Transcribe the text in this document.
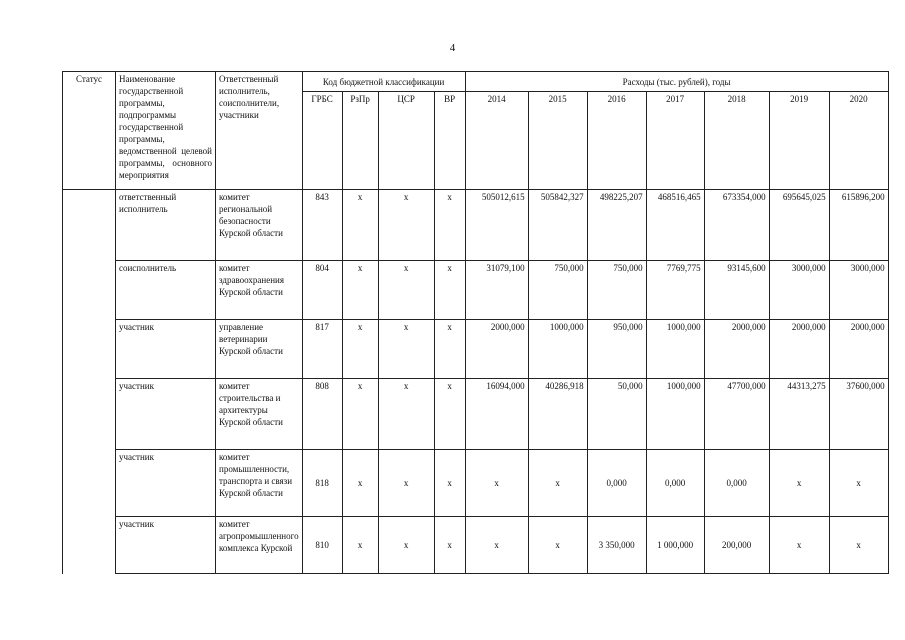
4
Статус	Наименование государственной программы, подпрограммы государственной программы, ведомственной целевой программы, основного мероприятия	Ответственный исполнитель, соисполнители, участники	Код бюджетной классификации				Расходы (тыс. рублей), годы						
			ГРБС	РзПр	ЦСР	ВР	2014	2015	2016	2017	2018	2019	2020
	ответственный исполнитель	комитет региональной безопасности Курской области	843	х	х	х	505012,615	505842,327	498225,207	468516,465	673354,000	695645,025	615896,200
	соисполнитель	комитет здравоохранения Курской области	804	х	х	х	31079,100	750,000	750,000	7769,775	93145,600	3000,000	3000,000
	участник	управление ветеринарии Курской области	817	х	х	х	2000,000	1000,000	950,000	1000,000	2000,000	2000,000	2000,000
	участник	комитет строительства и архитектуры Курской области	808	х	х	х	16094,000	40286,918	50,000	1000,000	47700,000	44313,275	37600,000
	участник	комитет промышленности, транспорта и связи Курской области	818	х	х	х	х	х	0,000	0,000	0,000	х	х
	участник	комитет агропромышленного комплекса Курской	810	х	х	х	х	х	3 350,000	1 000,000	200,000	х	х
